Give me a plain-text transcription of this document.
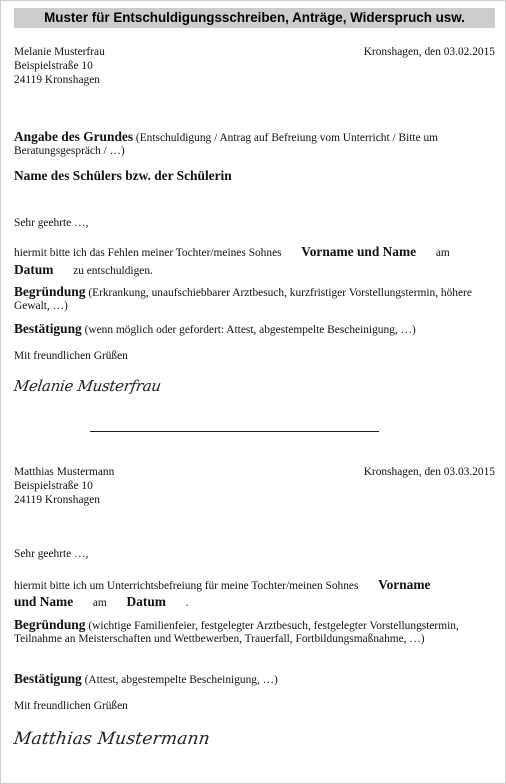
Muster für Entschuldigungsschreiben, Anträge, Widerspruch usw.
Melanie Musterfrau	Kronshagen, den 03.02.2015
Beispielstraße 10
24119 Kronshagen
Angabe des Grundes (Entschuldigung / Antrag auf Befreiung vom Unterricht / Bitte um Beratungsgespräch / …)
Name des Schülers bzw. der Schülerin
Sehr geehrte …,
hiermit bitte ich das Fehlen meiner Tochter/meines Sohnes Vorname und Name am
Datum zu entschuldigen.
Begründung (Erkrankung, unaufschiebbarer Arztbesuch, kurzfristiger Vorstellungstermin, höhere Gewalt, …)
Bestätigung (wenn möglich oder gefordert: Attest, abgestempelte Bescheinigung, …)
Mit freundlichen Grüßen
Melanie Musterfrau
Matthias Mustermann	Kronshagen, den 03.03.2015
Beispielstraße 10
24119 Kronshagen
Sehr geehrte …,
hiermit bitte ich um Unterrichtsbefreiung für meine Tochter/meinen Sohnes Vorname
und Name am Datum .
Begründung (wichtige Familienfeier, festgelegter Arztbesuch, festgelegter Vorstellungstermin, Teilnahme an Meisterschaften und Wettbewerben, Trauerfall, Fortbildungsmaßnahme, …)
Bestätigung (Attest, abgestempelte Bescheinigung, …)
Mit freundlichen Grüßen
Matthias Mustermann
